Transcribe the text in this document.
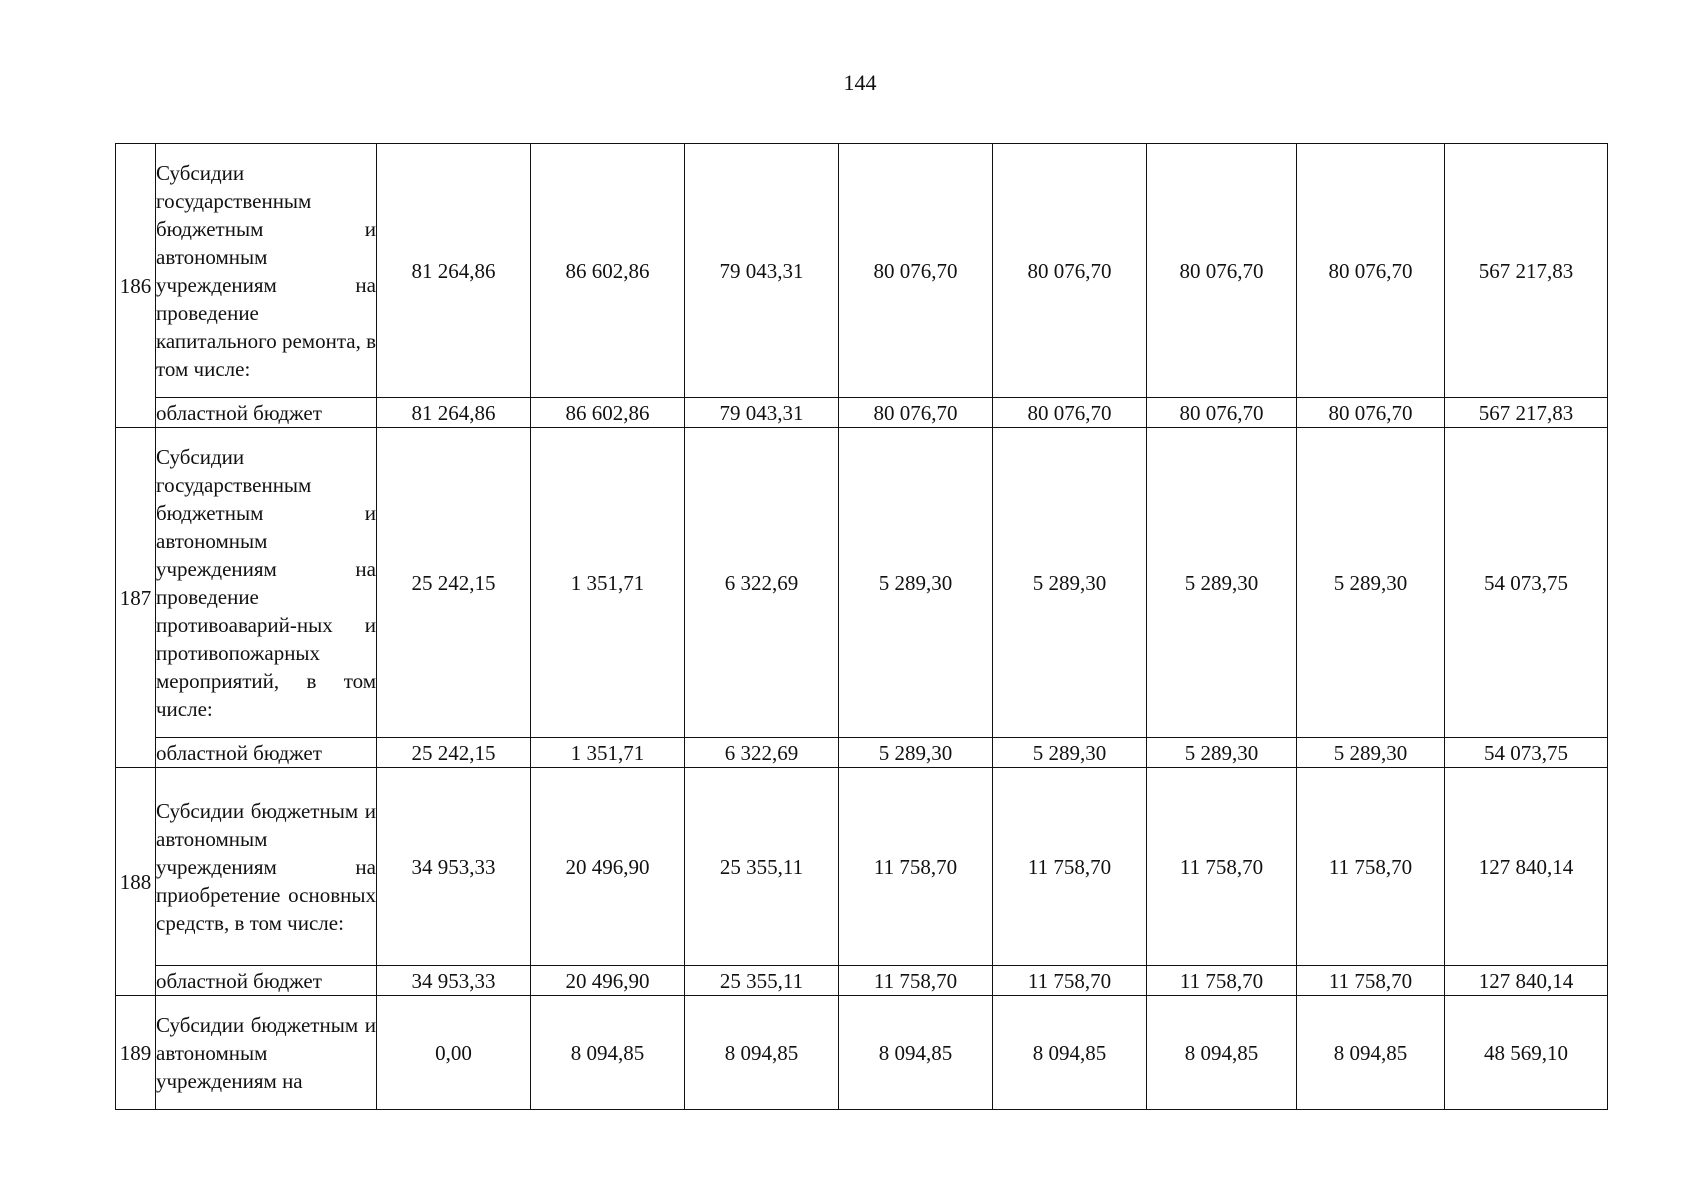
144
186	Субсидии государственным бюджетным и автономным учреждениям на проведение капитального ремонта, в том числе:	81 264,86	86 602,86	79 043,31	80 076,70	80 076,70	80 076,70	80 076,70	567 217,83
	областной бюджет	81 264,86	86 602,86	79 043,31	80 076,70	80 076,70	80 076,70	80 076,70	567 217,83
187	Субсидии государственным бюджетным и автономным учреждениям на проведение противоаварий-ных и противопожарных мероприятий, в том числе:	25 242,15	1 351,71	6 322,69	5 289,30	5 289,30	5 289,30	5 289,30	54 073,75
	областной бюджет	25 242,15	1 351,71	6 322,69	5 289,30	5 289,30	5 289,30	5 289,30	54 073,75
188	Субсидии бюджетным и автономным учреждениям на приобретение основных средств, в том числе:	34 953,33	20 496,90	25 355,11	11 758,70	11 758,70	11 758,70	11 758,70	127 840,14
	областной бюджет	34 953,33	20 496,90	25 355,11	11 758,70	11 758,70	11 758,70	11 758,70	127 840,14
189	Субсидии бюджетным и автономным учреждениям на	0,00	8 094,85	8 094,85	8 094,85	8 094,85	8 094,85	8 094,85	48 569,10
